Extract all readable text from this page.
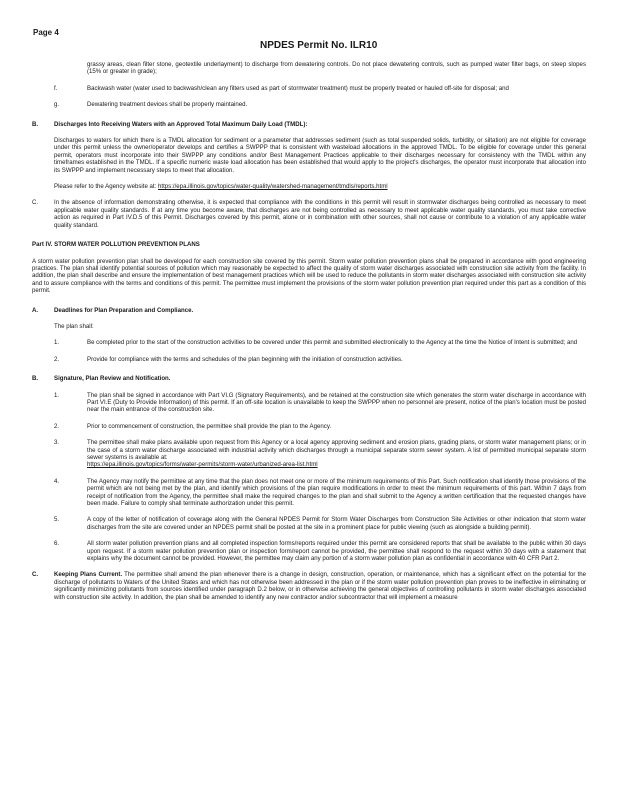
Page 4
NPDES Permit No. ILR10

grassy areas, clean filter stone, geotextile underlayment) to discharge from dewatering controls. Do not place dewatering controls, such as pumped water filter bags, on steep slopes (15% or greater in grade);

f.	Backwash water (water used to backwash/clean any filters used as part of stormwater treatment) must be properly treated or hauled off-site for disposal; and

g.	Dewatering treatment devices shall be properly maintained.

B.	Discharges Into Receiving Waters with an Approved Total Maximum Daily Load (TMDL):

Discharges to waters for which there is a TMDL allocation for sediment or a parameter that addresses sediment (such as total suspended solids, turbidity, or siltation) are not eligible for coverage under this permit unless the owner/operator develops and certifies a SWPPP that is consistent with wasteload allocations in the approved TMDL. To be eligible for coverage under this general permit, operators must incorporate into their SWPPP any conditions and/or Best Management Practices applicable to their discharges necessary for consistency with the TMDL within any timeframes established in the TMDL. If a specific numeric waste load allocation has been established that would apply to the project's discharges, the operator must incorporate that allocation into its SWPPP and implement necessary steps to meet that allocation.

Please refer to the Agency website at: https://epa.illinois.gov/topics/water-quality/watershed-management/tmdls/reports.html

C.	In the absence of information demonstrating otherwise, it is expected that compliance with the conditions in this permit will result in stormwater discharges being controlled as necessary to meet applicable water quality standards. If at any time you become aware, that discharges are not being controlled as necessary to meet applicable water quality standards, you must take corrective action as required in Part IV.D.5 of this Permit. Discharges covered by this permit, alone or in combination with other sources, shall not cause or contribute to a violation of any applicable water quality standard.

Part IV. STORM WATER POLLUTION PREVENTION PLANS

A storm water pollution prevention plan shall be developed for each construction site covered by this permit. Storm water pollution prevention plans shall be prepared in accordance with good engineering practices. The plan shall identify potential sources of pollution which may reasonably be expected to affect the quality of storm water discharges associated with construction site activity from the facility. In addition, the plan shall describe and ensure the implementation of best management practices which will be used to reduce the pollutants in storm water discharges associated with construction site activity and to assure compliance with the terms and conditions of this permit. The permittee must implement the provisions of the storm water pollution prevention plan required under this part as a condition of this permit.

A.	Deadlines for Plan Preparation and Compliance.

The plan shall:

1.	Be completed prior to the start of the construction activities to be covered under this permit and submitted electronically to the Agency at the time the Notice of Intent is submitted; and

2.	Provide for compliance with the terms and schedules of the plan beginning with the initiation of construction activities.

B.	Signature, Plan Review and Notification.

1.	The plan shall be signed in accordance with Part VI.G (Signatory Requirements), and be retained at the construction site which generates the storm water discharge in accordance with Part VI.E (Duty to Provide Information) of this permit. If an off-site location is unavailable to keep the SWPPP when no personnel are present, notice of the plan's location must be posted near the main entrance of the construction site.

2.	Prior to commencement of construction, the permittee shall provide the plan to the Agency.

3.	The permittee shall make plans available upon request from this Agency or a local agency approving sediment and erosion plans, grading plans, or storm water management plans; or in the case of a storm water discharge associated with industrial activity which discharges through a municipal separate storm sewer system. A list of permitted municipal separate storm sewer systems is available at:
https://epa.illinois.gov/topics/forms/water-permits/storm-water/urbanized-area-list.html

4.	The Agency may notify the permittee at any time that the plan does not meet one or more of the minimum requirements of this Part. Such notification shall identify those provisions of the permit which are not being met by the plan, and identify which provisions of the plan require modifications in order to meet the minimum requirements of this part. Within 7 days from receipt of notification from the Agency, the permittee shall make the required changes to the plan and shall submit to the Agency a written certification that the requested changes have been made. Failure to comply shall terminate authorization under this permit.

5.	A copy of the letter of notification of coverage along with the General NPDES Permit for Storm Water Discharges from Construction Site Activities or other indication that storm water discharges from the site are covered under an NPDES permit shall be posted at the site in a prominent place for public viewing (such as alongside a building permit).

6.	All storm water pollution prevention plans and all completed inspection forms/reports required under this permit are considered reports that shall be available to the public within 30 days upon request. If a storm water pollution prevention plan or inspection form/report cannot be provided, the permittee shall respond to the request within 30 days with a statement that explains why the document cannot be provided. However, the permittee may claim any portion of a storm water pollution plan as confidential in accordance with 40 CFR Part 2.

C.	Keeping Plans Current. The permittee shall amend the plan whenever there is a change in design, construction, operation, or maintenance, which has a significant effect on the potential for the discharge of pollutants to Waters of the United States and which has not otherwise been addressed in the plan or if the storm water pollution prevention plan proves to be ineffective in eliminating or significantly minimizing pollutants from sources identified under paragraph D.2 below, or in otherwise achieving the general objectives of controlling pollutants in storm water discharges associated with construction site activity. In addition, the plan shall be amended to identify any new contractor and/or subcontractor that will implement a measure
